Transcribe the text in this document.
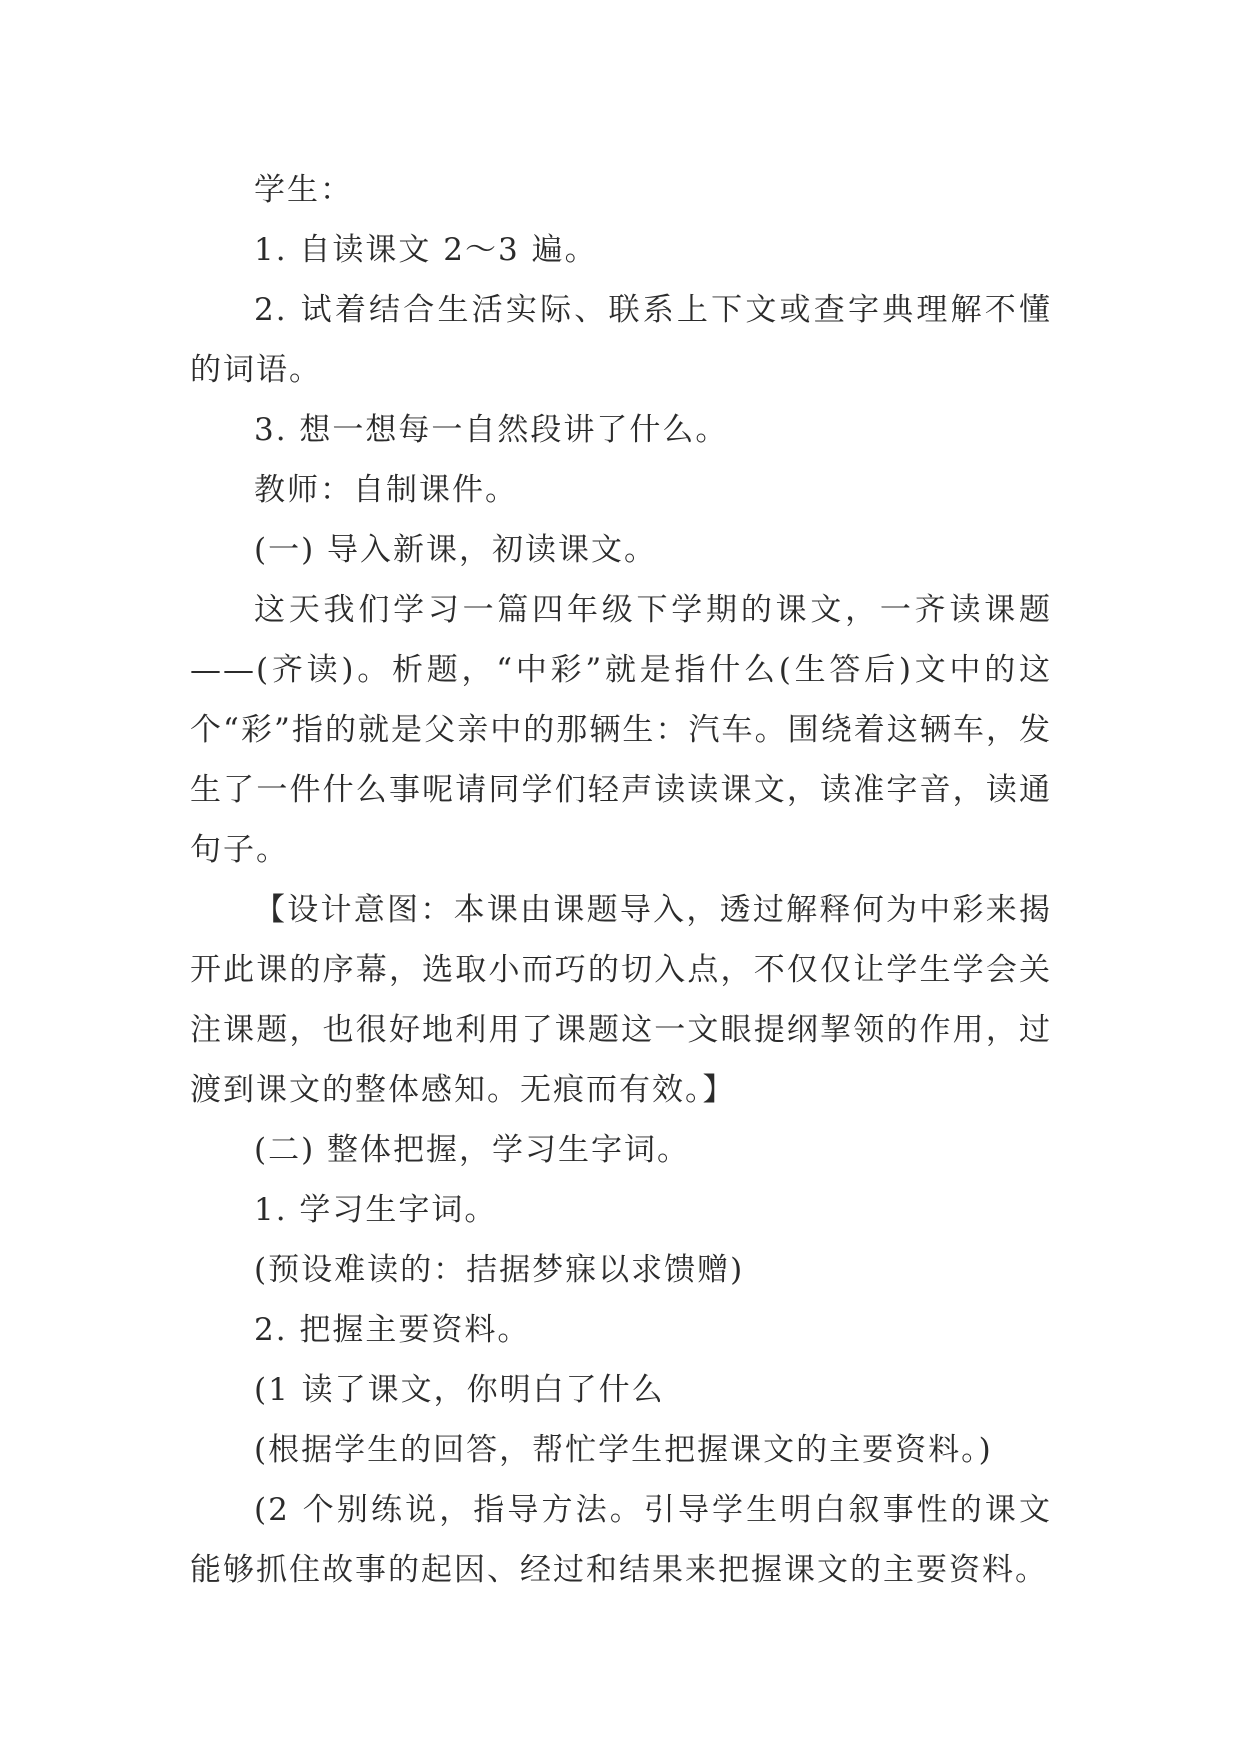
学生：

1. 自读课文 2～3 遍。

2. 试着结合生活实际、联系上下文或查字典理解不懂的词语。

3. 想一想每一自然段讲了什么。

教师：自制课件。

(一) 导入新课，初读课文。

这天我们学习一篇四年级下学期的课文，一齐读课题——(齐读)。析题，“中彩”就是指什么(生答后)文中的这个“彩”指的就是父亲中的那辆生：汽车。围绕着这辆车，发生了一件什么事呢请同学们轻声读读课文，读准字音，读通句子。

【设计意图：本课由课题导入，透过解释何为中彩来揭开此课的序幕，选取小而巧的切入点，不仅仅让学生学会关注课题，也很好地利用了课题这一文眼提纲挈领的作用，过渡到课文的整体感知。无痕而有效。】

(二) 整体把握，学习生字词。

1. 学习生字词。

(预设难读的：拮据梦寐以求馈赠)

2. 把握主要资料。

(1 读了课文，你明白了什么

(根据学生的回答，帮忙学生把握课文的主要资料。)

(2 个别练说，指导方法。引导学生明白叙事性的课文能够抓住故事的起因、经过和结果来把握课文的主要资料。
